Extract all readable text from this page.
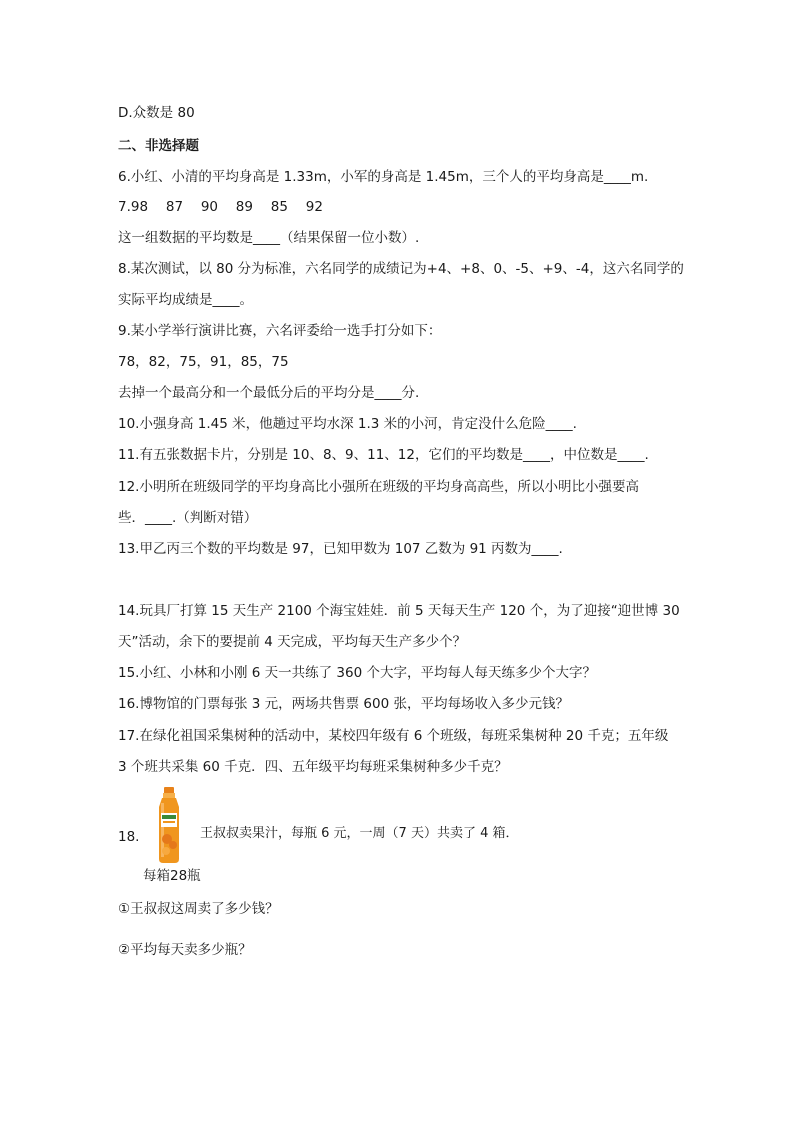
D.众数是 80
二、非选择题
6.小红、小清的平均身高是 1.33m，小军的身高是 1.45m，三个人的平均身高是____m.
7.98　 87　 90　 89　 85　 92
这一组数据的平均数是____（结果保留一位小数）.
8.某次测试，以 80 分为标准，六名同学的成绩记为+4、+8、0、-5、+9、-4，这六名同学的
实际平均成绩是____。
9.某小学举行演讲比赛，六名评委给一选手打分如下：
78，82，75，91，85，75
去掉一个最高分和一个最低分后的平均分是____分.
10.小强身高 1.45 米，他趟过平均水深 1.3 米的小河，肯定没什么危险____.
11.有五张数据卡片，分别是 10、8、9、11、12，它们的平均数是____，中位数是____.
12.小明所在班级同学的平均身高比小强所在班级的平均身高高些，所以小明比小强要高
些．____.（判断对错）
13.甲乙丙三个数的平均数是 97，已知甲数为 107 乙数为 91 丙数为____.
14.玩具厂打算 15 天生产 2100 个海宝娃娃．前 5 天每天生产 120 个，为了迎接“迎世博 30
天”活动，余下的要提前 4 天完成，平均每天生产多少个？
15.小红、小林和小刚 6 天一共练了 360 个大字，平均每人每天练多少个大字？
16.博物馆的门票每张 3 元，两场共售票 600 张，平均每场收入多少元钱？
17.在绿化祖国采集树种的活动中，某校四年级有 6 个班级，每班采集树种 20 千克；五年级
3 个班共采集 60 千克．四、五年级平均每班采集树种多少千克？
18.	王叔叔卖果汁，每瓶 6 元，一周（7 天）共卖了 4 箱．
每箱28瓶
①王叔叔这周卖了多少钱？
②平均每天卖多少瓶？
